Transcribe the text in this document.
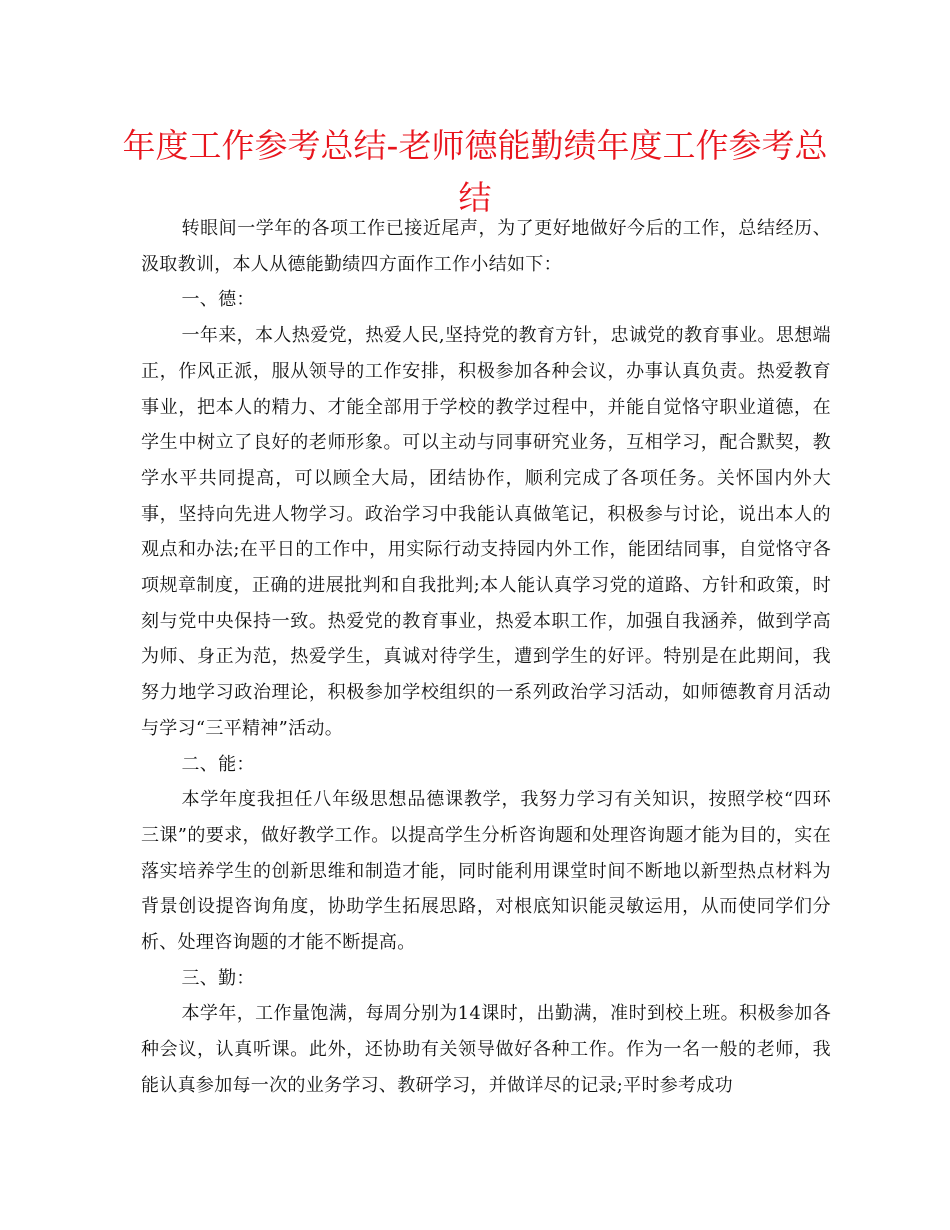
年度工作参考总结-老师德能勤绩年度工作参考总结

转眼间一学年的各项工作已接近尾声，为了更好地做好今后的工作，总结经历、汲取教训，本人从德能勤绩四方面作工作小结如下：

一、德：

一年来，本人热爱党，热爱人民,坚持党的教育方针，忠诚党的教育事业。思想端正，作风正派，服从领导的工作安排，积极参加各种会议，办事认真负责。热爱教育事业，把本人的精力、才能全部用于学校的教学过程中，并能自觉恪守职业道德，在学生中树立了良好的老师形象。可以主动与同事研究业务，互相学习，配合默契，教学水平共同提高，可以顾全大局，团结协作，顺利完成了各项任务。关怀国内外大事，坚持向先进人物学习。政治学习中我能认真做笔记，积极参与讨论，说出本人的观点和办法;在平日的工作中，用实际行动支持园内外工作，能团结同事，自觉恪守各项规章制度，正确的进展批判和自我批判;本人能认真学习党的道路、方针和政策，时刻与党中央保持一致。热爱党的教育事业，热爱本职工作，加强自我涵养，做到学高为师、身正为范，热爱学生，真诚对待学生，遭到学生的好评。特别是在此期间，我努力地学习政治理论，积极参加学校组织的一系列政治学习活动，如师德教育月活动与学习“三平精神”活动。

二、能：

本学年度我担任八年级思想品德课教学，我努力学习有关知识，按照学校“四环三课”的要求，做好教学工作。以提高学生分析咨询题和处理咨询题才能为目的，实在落实培养学生的创新思维和制造才能，同时能利用课堂时间不断地以新型热点材料为背景创设提咨询角度，协助学生拓展思路，对根底知识能灵敏运用，从而使同学们分析、处理咨询题的才能不断提高。

三、勤：

本学年，工作量饱满，每周分别为14课时，出勤满，准时到校上班。积极参加各种会议，认真听课。此外，还协助有关领导做好各种工作。作为一名一般的老师，我能认真参加每一次的业务学习、教研学习，并做详尽的记录;平时参考成功
